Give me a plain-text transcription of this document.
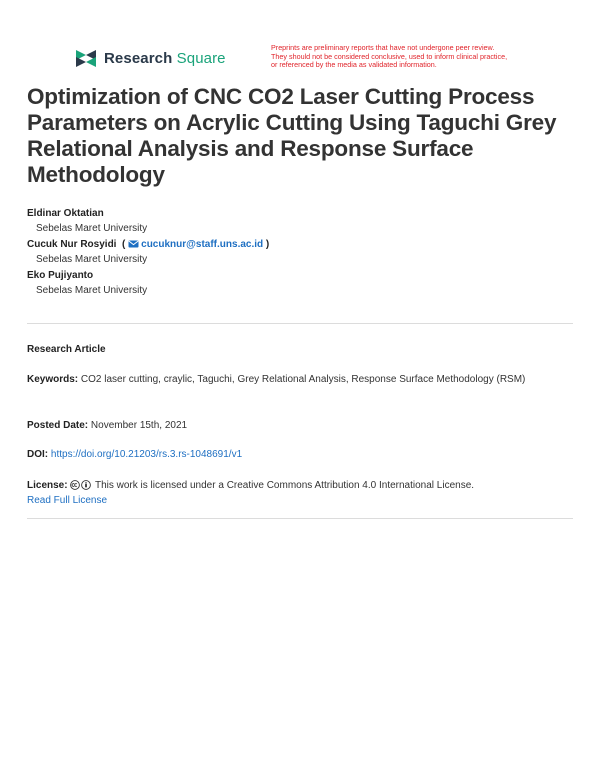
Research Square
Preprints are preliminary reports that have not undergone peer review.
They should not be considered conclusive, used to inform clinical practice,
or referenced by the media as validated information.
Optimization of CNC CO2 Laser Cutting Process Parameters on Acrylic Cutting Using Taguchi Grey Relational Analysis and Response Surface Methodology
Eldinar Oktatian
Sebelas Maret University
Cucuk Nur Rosyidi  ( cucuknur@staff.uns.ac.id )
Sebelas Maret University
Eko Pujiyanto
Sebelas Maret University
Research Article
Keywords: CO2 laser cutting, craylic, Taguchi, Grey Relational Analysis, Response Surface Methodology (RSM)
Posted Date: November 15th, 2021
DOI: https://doi.org/10.21203/rs.3.rs-1048691/v1
License:	This work is licensed under a Creative Commons Attribution 4.0 International License.
Read Full License
